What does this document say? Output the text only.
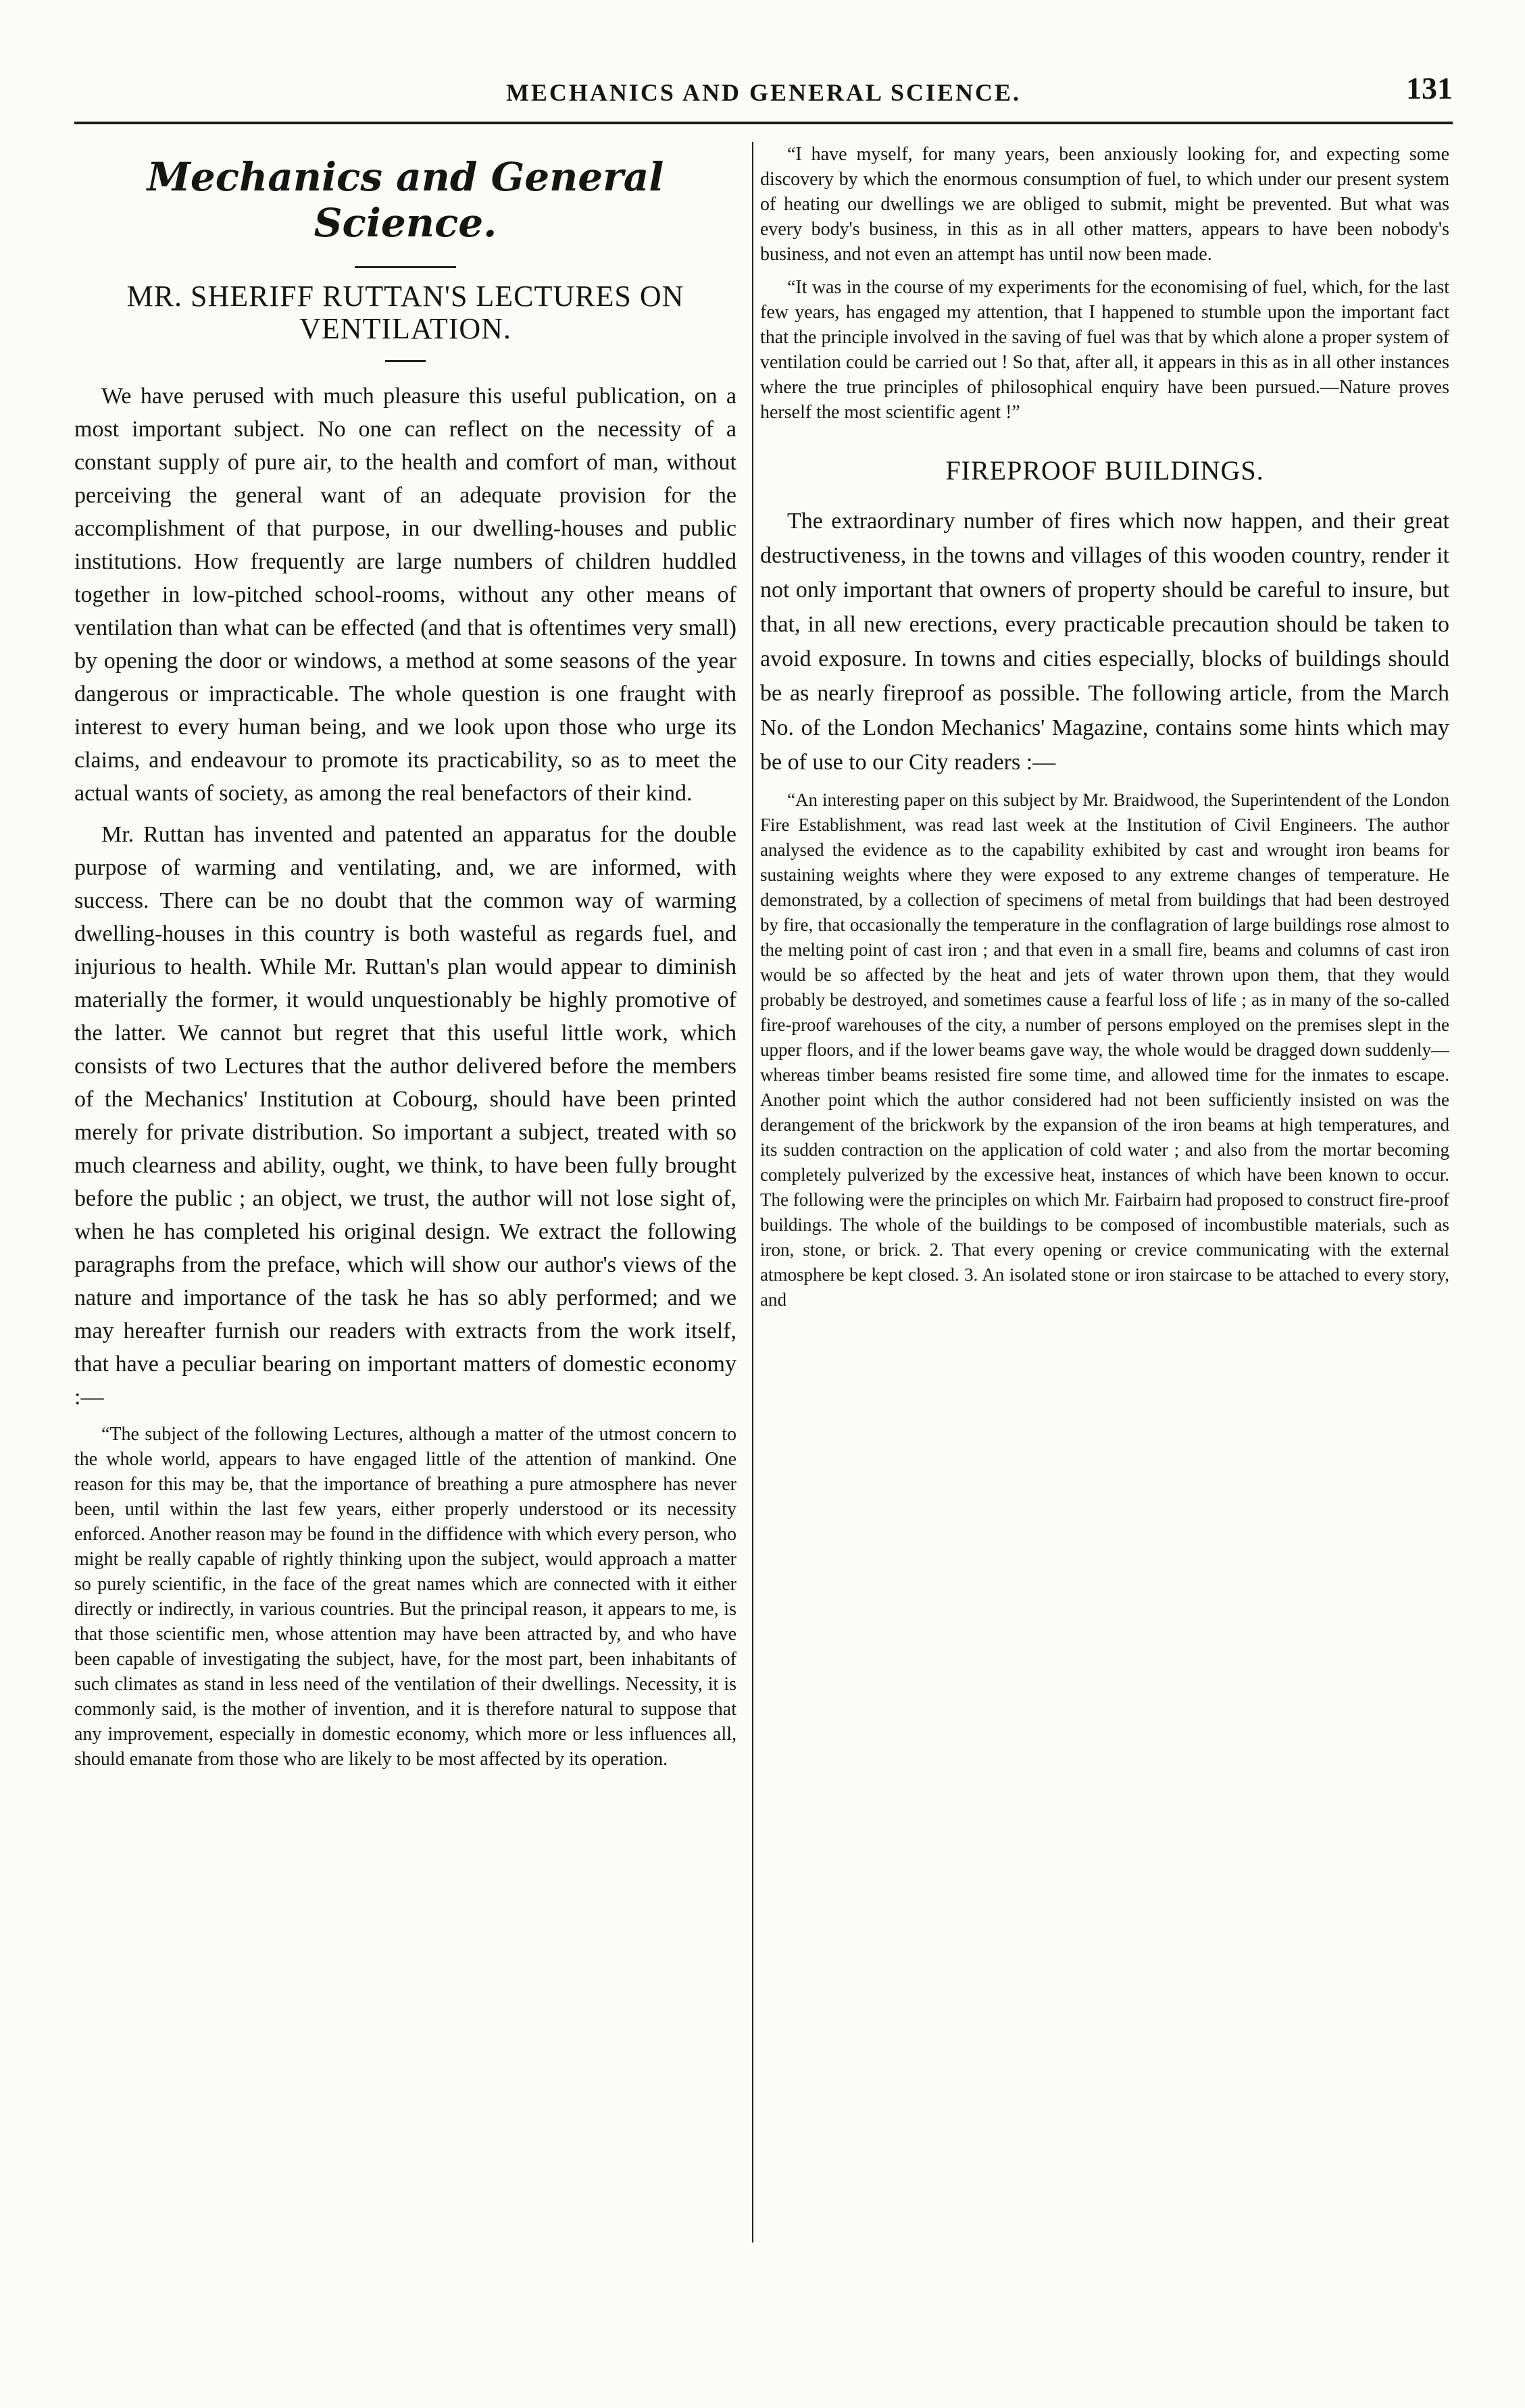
MECHANICS AND GENERAL SCIENCE.	131
Mechanics and General Science.
MR. SHERIFF RUTTAN'S LECTURES ON VENTILATION.

We have perused with much pleasure this useful publication, on a most important subject. No one can reflect on the necessity of a constant supply of pure air, to the health and comfort of man, without perceiving the general want of an adequate provision for the accomplishment of that purpose, in our dwelling-houses and public institutions. How frequently are large numbers of children huddled together in low-pitched school-rooms, without any other means of ventilation than what can be effected (and that is oftentimes very small) by opening the door or windows, a method at some seasons of the year dangerous or impracticable. The whole question is one fraught with interest to every human being, and we look upon those who urge its claims, and endeavour to promote its practicability, so as to meet the actual wants of society, as among the real benefactors of their kind.

Mr. Ruttan has invented and patented an apparatus for the double purpose of warming and ventilating, and, we are informed, with success. There can be no doubt that the common way of warming dwelling-houses in this country is both wasteful as regards fuel, and injurious to health. While Mr. Ruttan's plan would appear to diminish materially the former, it would unquestionably be highly promotive of the latter. We cannot but regret that this useful little work, which consists of two Lectures that the author delivered before the members of the Mechanics' Institution at Cobourg, should have been printed merely for private distribution. So important a subject, treated with so much clearness and ability, ought, we think, to have been fully brought before the public ; an object, we trust, the author will not lose sight of, when he has completed his original design. We extract the following paragraphs from the preface, which will show our author's views of the nature and importance of the task he has so ably performed; and we may hereafter furnish our readers with extracts from the work itself, that have a peculiar bearing on important matters of domestic economy :—

“The subject of the following Lectures, although a matter of the utmost concern to the whole world, appears to have engaged little of the attention of mankind. One reason for this may be, that the importance of breathing a pure atmosphere has never been, until within the last few years, either properly understood or its necessity enforced. Another reason may be found in the diffidence with which every person, who might be really capable of rightly thinking upon the subject, would approach a matter so purely scientific, in the face of the great names which are connected with it either directly or indirectly, in various countries. But the principal reason, it appears to me, is that those scientific men, whose attention may have been attracted by, and who have been capable of investigating the subject, have, for the most part, been inhabitants of such climates as stand in less need of the ventilation of their dwellings. Necessity, it is commonly said, is the mother of invention, and it is therefore natural to suppose that any improvement, especially in domestic economy, which more or less influences all, should emanate from those who are likely to be most affected by its operation.

“I have myself, for many years, been anxiously looking for, and expecting some discovery by which the enormous consumption of fuel, to which under our present system of heating our dwellings we are obliged to submit, might be prevented. But what was every body's business, in this as in all other matters, appears to have been nobody's business, and not even an attempt has until now been made.

“It was in the course of my experiments for the economising of fuel, which, for the last few years, has engaged my attention, that I happened to stumble upon the important fact that the principle involved in the saving of fuel was that by which alone a proper system of ventilation could be carried out ! So that, after all, it appears in this as in all other instances where the true principles of philosophical enquiry have been pursued.—Nature proves herself the most scientific agent !”

FIREPROOF BUILDINGS.

The extraordinary number of fires which now happen, and their great destructiveness, in the towns and villages of this wooden country, render it not only important that owners of property should be careful to insure, but that, in all new erections, every practicable precaution should be taken to avoid exposure. In towns and cities especially, blocks of buildings should be as nearly fireproof as possible. The following article, from the March No. of the London Mechanics' Magazine, contains some hints which may be of use to our City readers :—

“An interesting paper on this subject by Mr. Braidwood, the Superintendent of the London Fire Establishment, was read last week at the Institution of Civil Engineers. The author analysed the evidence as to the capability exhibited by cast and wrought iron beams for sustaining weights where they were exposed to any extreme changes of temperature. He demonstrated, by a collection of specimens of metal from buildings that had been destroyed by fire, that occasionally the temperature in the conflagration of large buildings rose almost to the melting point of cast iron ; and that even in a small fire, beams and columns of cast iron would be so affected by the heat and jets of water thrown upon them, that they would probably be destroyed, and sometimes cause a fearful loss of life ; as in many of the so-called fire-proof warehouses of the city, a number of persons employed on the premises slept in the upper floors, and if the lower beams gave way, the whole would be dragged down suddenly—whereas timber beams resisted fire some time, and allowed time for the inmates to escape. Another point which the author considered had not been sufficiently insisted on was the derangement of the brickwork by the expansion of the iron beams at high temperatures, and its sudden contraction on the application of cold water ; and also from the mortar becoming completely pulverized by the excessive heat, instances of which have been known to occur. The following were the principles on which Mr. Fairbairn had proposed to construct fire-proof buildings. The whole of the buildings to be composed of incombustible materials, such as iron, stone, or brick. 2. That every opening or crevice communicating with the external atmosphere be kept closed. 3. An isolated stone or iron staircase to be attached to every story, and
